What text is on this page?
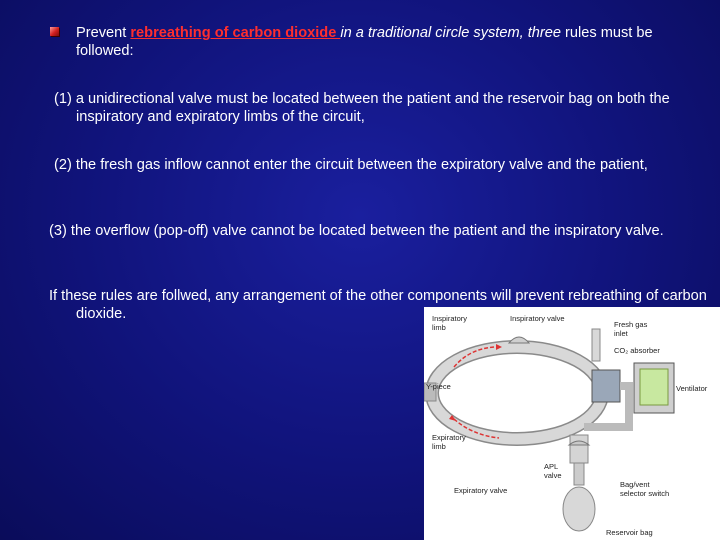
Prevent rebreathing of carbon dioxide in a traditional circle system, three rules must be followed:

(1) a unidirectional valve must be located between the patient and the reservoir bag on both the inspiratory and expiratory limbs of the circuit,

(2) the fresh gas inflow cannot enter the circuit between the expiratory valve and the patient,

(3) the overflow (pop-off) valve cannot be located between the patient and the inspiratory valve.

If these rules are follwed, any arrangement of the other components will prevent rebreathing of carbon dioxide.	Inspiratory
limb
Inspiratory valve
Fresh gas
inlet
CO₂ absorber
Y-piece	Ventilator
Expiratory
limb
APL
valve
Expiratory valve
Bag/vent
selector switch
Reservoir bag
